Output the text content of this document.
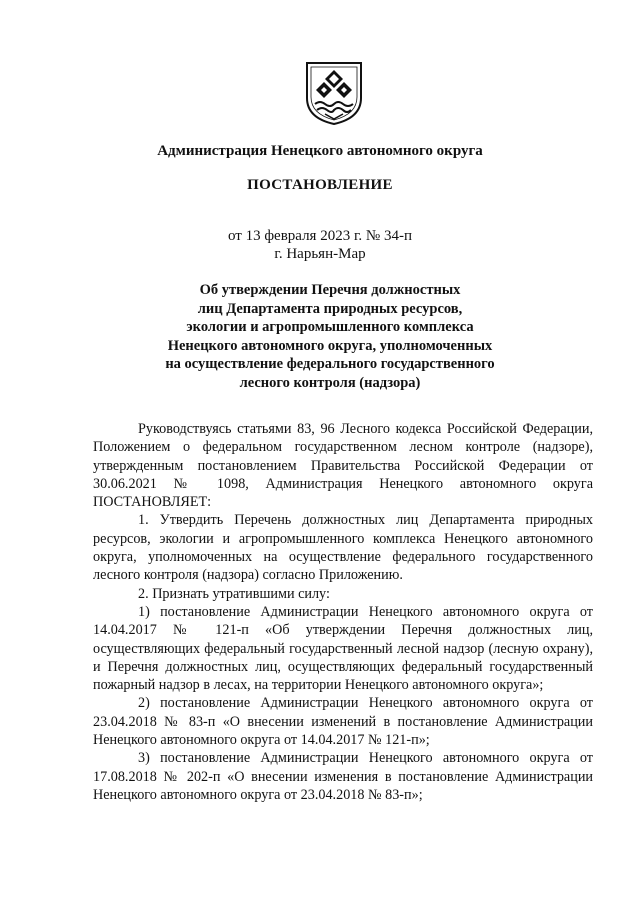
Администрация Ненецкого автономного округа
ПОСТАНОВЛЕНИЕ
от 13 февраля 2023 г. № 34-п
г. Нарьян-Мар
Об утверждении Перечня должностных
лиц Департамента природных ресурсов,
экологии и агропромышленного комплекса
Ненецкого автономного округа, уполномоченных
на осуществление федерального государственного
лесного контроля (надзора)

Руководствуясь статьями 83, 96 Лесного кодекса Российской Федерации, Положением о федеральном государственном лесном контроле (надзоре), утвержденным постановлением Правительства Российской Федерации от 30.06.2021 № 1098, Администрация Ненецкого автономного округа ПОСТАНОВЛЯЕТ:

1. Утвердить Перечень должностных лиц Департамента природных ресурсов, экологии и агропромышленного комплекса Ненецкого автономного округа, уполномоченных на осуществление федерального государственного лесного контроля (надзора) согласно Приложению.

2. Признать утратившими силу:

1) постановление Администрации Ненецкого автономного округа от 14.04.2017 № 121-п «Об утверждении Перечня должностных лиц, осуществляющих федеральный государственный лесной надзор (лесную охрану), и Перечня должностных лиц, осуществляющих федеральный государственный пожарный надзор в лесах, на территории Ненецкого автономного округа»;

2) постановление Администрации Ненецкого автономного округа от 23.04.2018 № 83-п «О внесении изменений в постановление Администрации Ненецкого автономного округа от 14.04.2017 № 121-п»;

3) постановление Администрации Ненецкого автономного округа от 17.08.2018 № 202-п «О внесении изменения в постановление Администрации Ненецкого автономного округа от 23.04.2018 № 83-п»;
